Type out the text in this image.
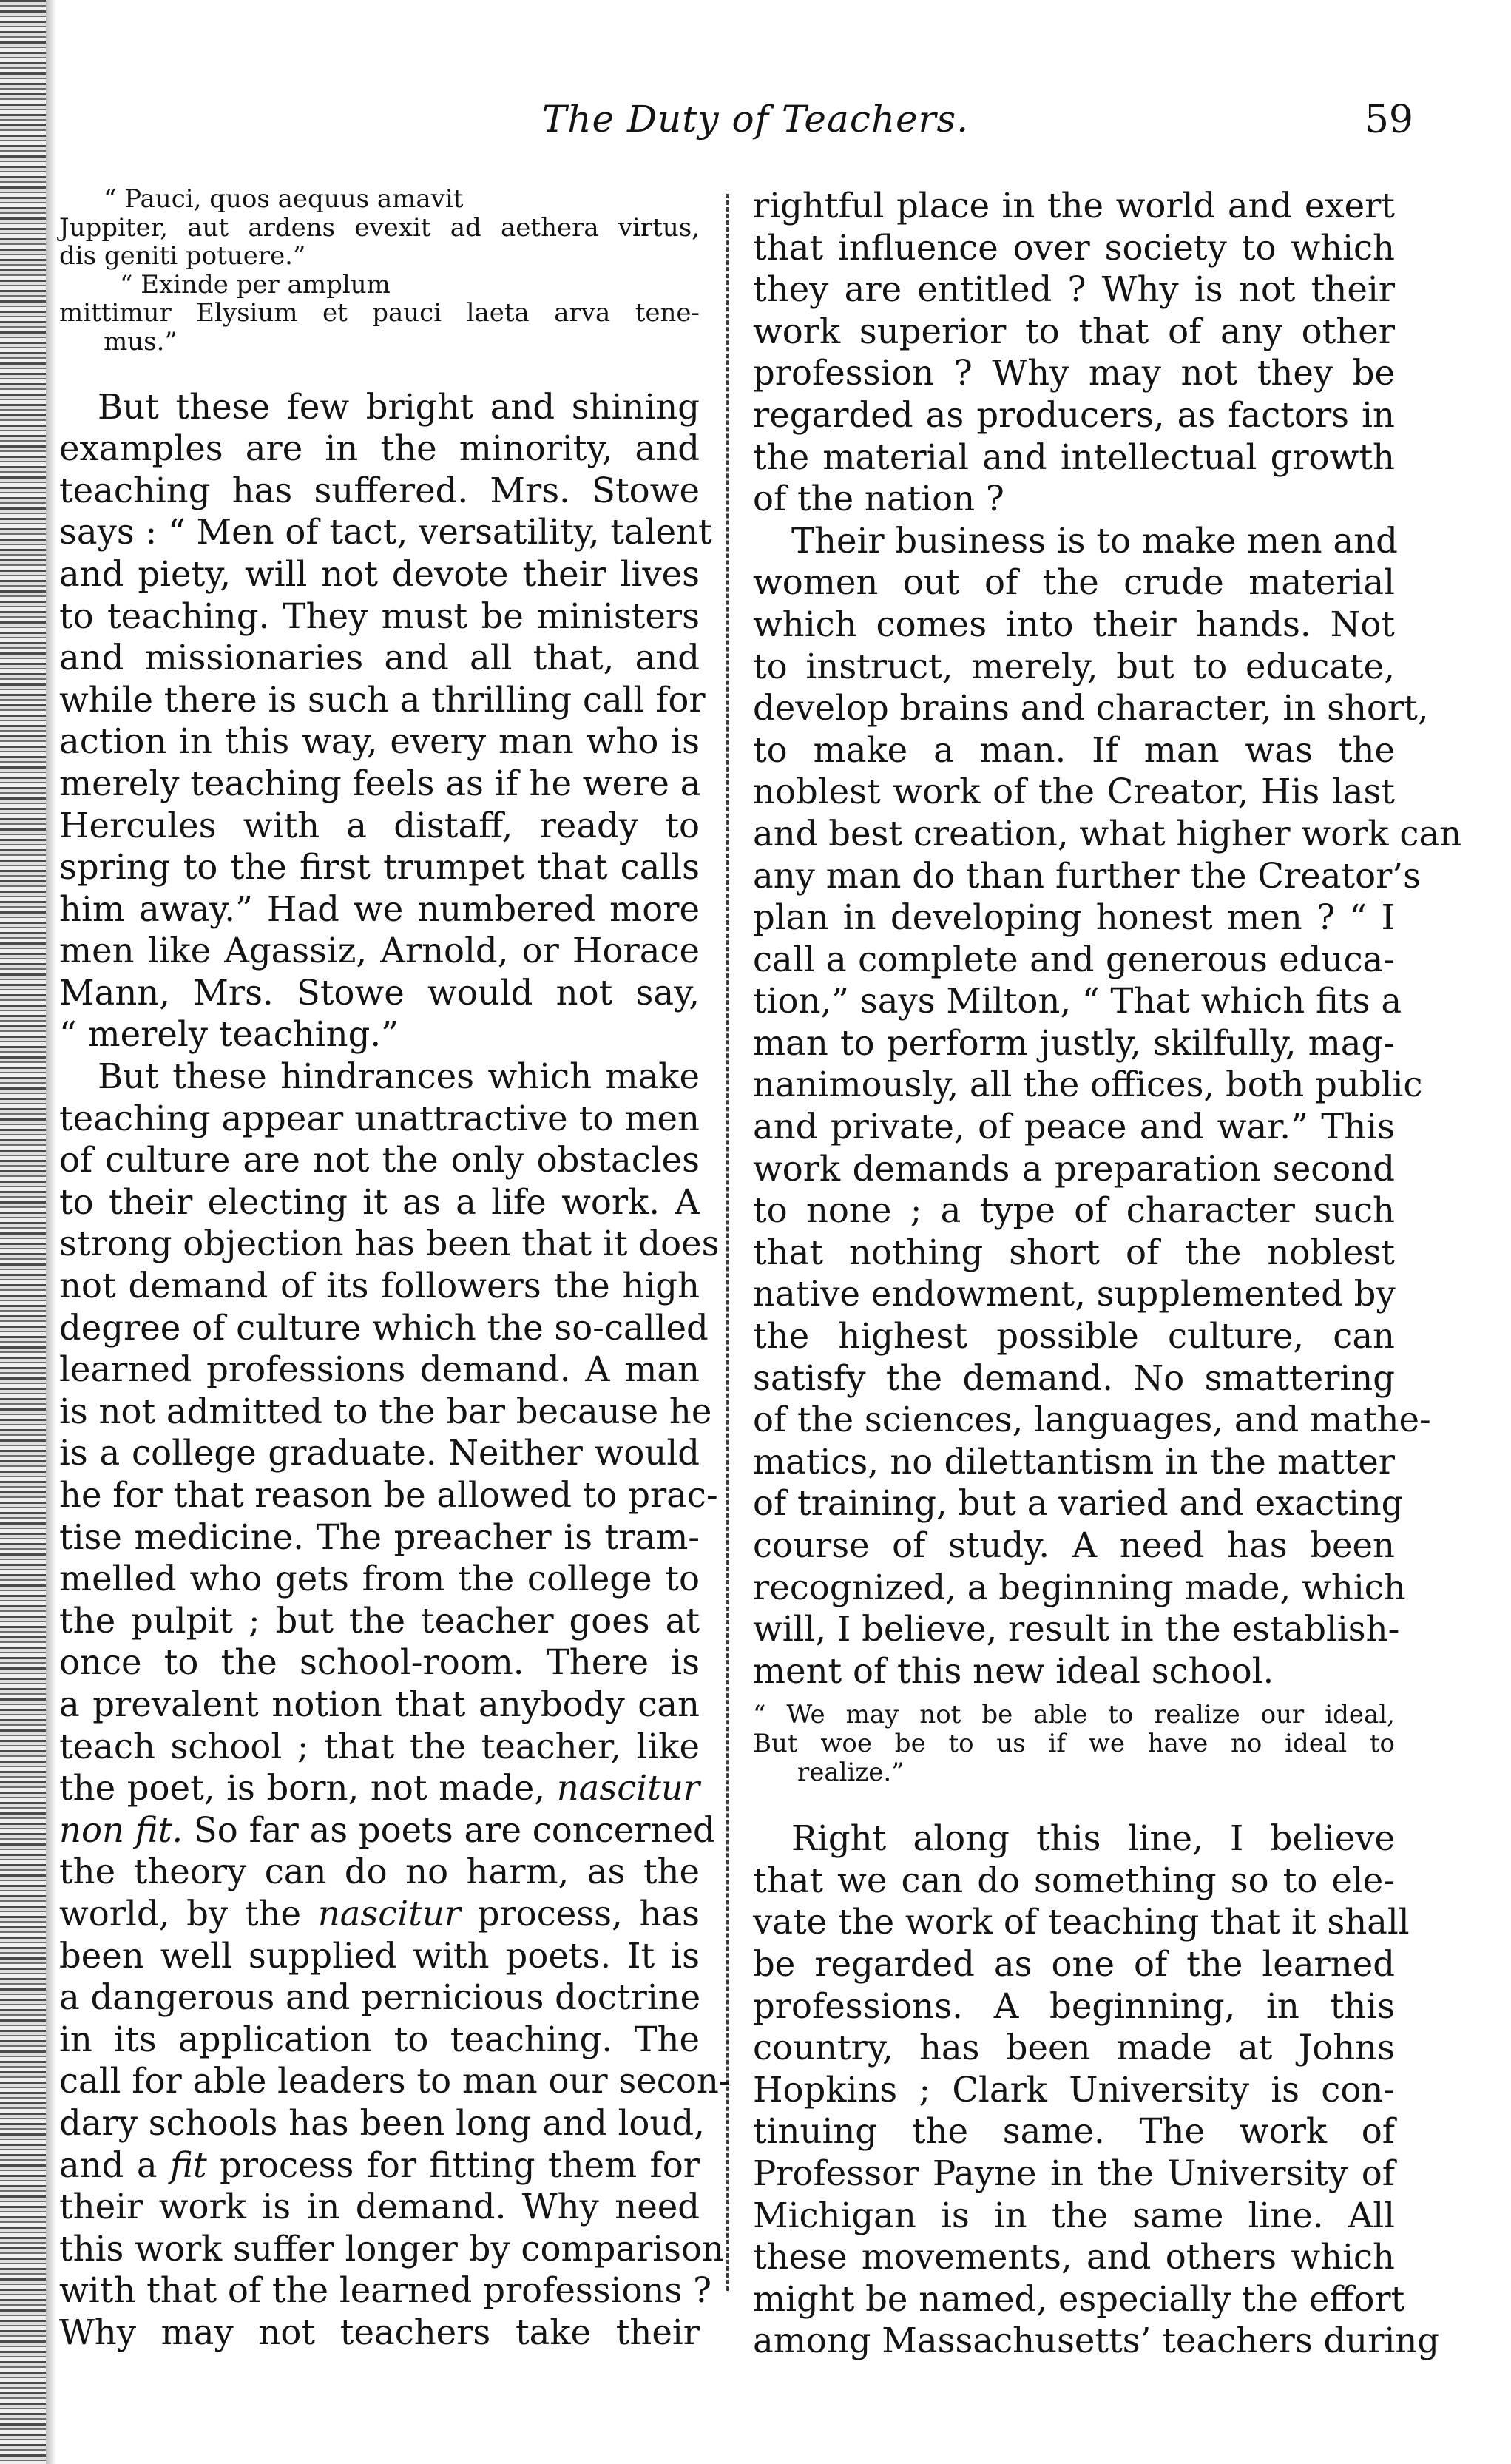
The Duty of Teachers.	59
“ Pauci, quos aequus amavit
Juppiter, aut ardens evexit ad aethera virtus,
dis geniti potuere.”
“ Exinde per amplum
mittimur Elysium et pauci laeta arva tene-
mus.”
But these few bright and shining
examples are in the minority, and
teaching has suffered. Mrs. Stowe
says : “ Men of tact, versatility, talent
and piety, will not devote their lives
to teaching. They must be ministers
and missionaries and all that, and
while there is such a thrilling call for
action in this way, every man who is
merely teaching feels as if he were a
Hercules with a distaff, ready to
spring to the first trumpet that calls
him away.” Had we numbered more
men like Agassiz, Arnold, or Horace
Mann, Mrs. Stowe would not say,
“ merely teaching.”
But these hindrances which make
teaching appear unattractive to men
of culture are not the only obstacles
to their electing it as a life work. A
strong objection has been that it does
not demand of its followers the high
degree of culture which the so-called
learned professions demand. A man
is not admitted to the bar because he
is a college graduate. Neither would
he for that reason be allowed to prac-
tise medicine. The preacher is tram-
melled who gets from the college to
the pulpit ; but the teacher goes at
once to the school-room. There is
a prevalent notion that anybody can
teach school ; that the teacher, like
the poet, is born, not made, nascitur
non fit. So far as poets are concerned
the theory can do no harm, as the
world, by the nascitur process, has
been well supplied with poets. It is
a dangerous and pernicious doctrine
in its application to teaching. The
call for able leaders to man our secon-
dary schools has been long and loud,
and a fit process for fitting them for
their work is in demand. Why need
this work suffer longer by comparison
with that of the learned professions ?
Why may not teachers take their
rightful place in the world and exert
that influence over society to which
they are entitled ? Why is not their
work superior to that of any other
profession ? Why may not they be
regarded as producers, as factors in
the material and intellectual growth
of the nation ?
Their business is to make men and
women out of the crude material
which comes into their hands. Not
to instruct, merely, but to educate,
develop brains and character, in short,
to make a man. If man was the
noblest work of the Creator, His last
and best creation, what higher work can
any man do than further the Creator’s
plan in developing honest men ? “ I
call a complete and generous educa-
tion,” says Milton, “ That which fits a
man to perform justly, skilfully, mag-
nanimously, all the offices, both public
and private, of peace and war.” This
work demands a preparation second
to none ; a type of character such
that nothing short of the noblest
native endowment, supplemented by
the highest possible culture, can
satisfy the demand. No smattering
of the sciences, languages, and mathe-
matics, no dilettantism in the matter
of training, but a varied and exacting
course of study. A need has been
recognized, a beginning made, which
will, I believe, result in the establish-
ment of this new ideal school.
“ We may not be able to realize our ideal,
But woe be to us if we have no ideal to
realize.”
Right along this line, I believe
that we can do something so to ele-
vate the work of teaching that it shall
be regarded as one of the learned
professions. A beginning, in this
country, has been made at Johns
Hopkins ; Clark University is con-
tinuing the same. The work of
Professor Payne in the University of
Michigan is in the same line. All
these movements, and others which
might be named, especially the effort
among Massachusetts’ teachers during
